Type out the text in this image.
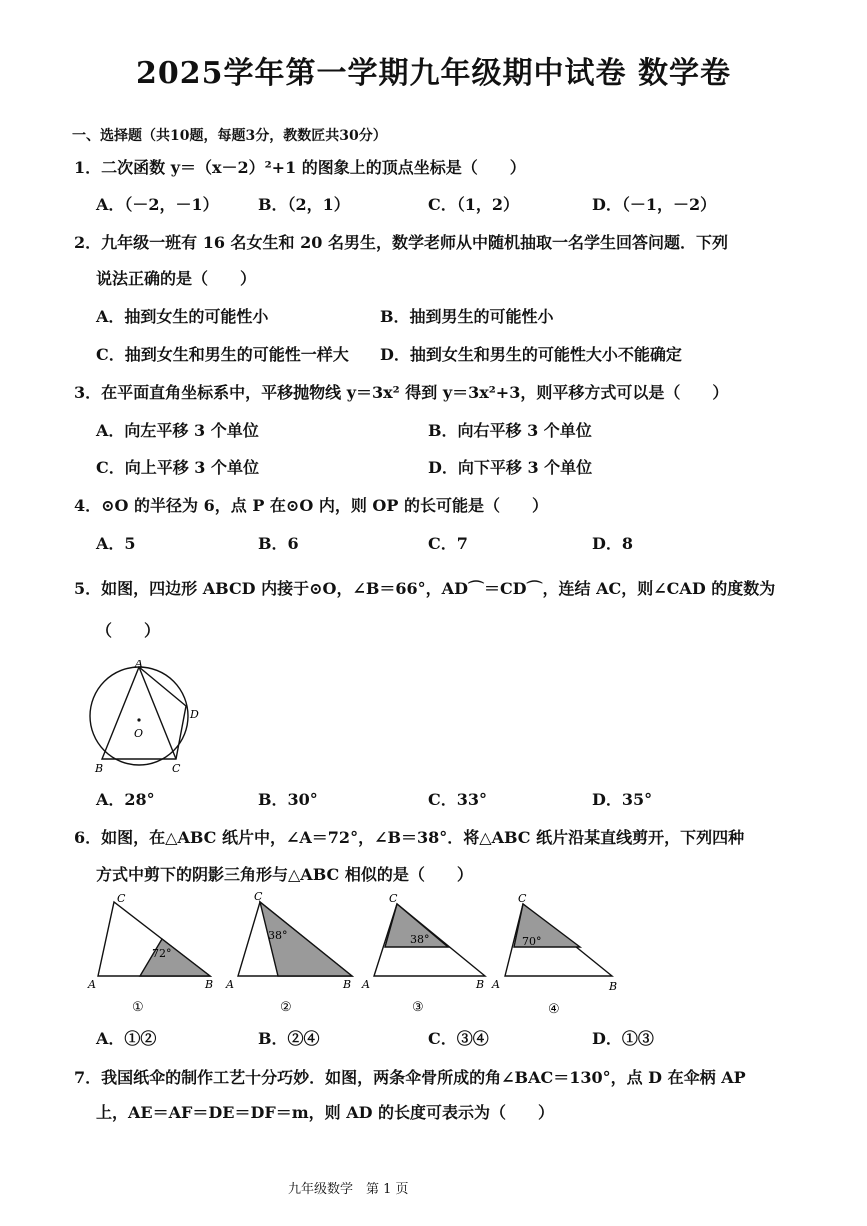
2025学年第一学期九年级期中试卷 数学卷
一、选择题（共10题，每题3分，教数匠共30分）
1．二次函数 y＝（x－2）²+1 的图象上的顶点坐标是（　　）
A．（－2，－1） B．（2，1）	C．（1，2）	D．（－1，－2）
2．九年级一班有 16 名女生和 20 名男生，数学老师从中随机抽取一名学生回答问题．下列
说法正确的是（　　）
A．抽到女生的可能性小	B．抽到男生的可能性小
C．抽到女生和男生的可能性一样大 D．抽到女生和男生的可能性大小不能确定
3．在平面直角坐标系中，平移抛物线 y＝3x² 得到 y＝3x²+3，则平移方式可以是（　　）
A．向左平移 3 个单位	B．向右平移 3 个单位
C．向上平移 3 个单位	D．向下平移 3 个单位
4．⊙O 的半径为 6，点 P 在⊙O 内，则 OP 的长可能是（　　）
A．5	B．6	C．7	D．8
5．如图，四边形 ABCD 内接于⊙O，∠B＝66°，AD⌒＝CD⌒，连结 AC，则∠CAD 的度数为
（　　）
A
B	C
D
O
A．28°	B．30°	C．33°	D．35°
6．如图，在△ABC 纸片中，∠A＝72°，∠B＝38°．将△ABC 纸片沿某直线剪开，下列四种
方式中剪下的阴影三角形与△ABC 相似的是（　　）
C
A	B
72°
①
C
A	B
38°
②
C
A	B
38°
③
C
A	B
70°
④
A．①②	B．②④	C．③④	D．①③
7．我国纸伞的制作工艺十分巧妙．如图，两条伞骨所成的角∠BAC＝130°，点 D 在伞柄 AP
上，AE＝AF＝DE＝DF＝m，则 AD 的长度可表示为（　　）
九年级数学　第 1 页
